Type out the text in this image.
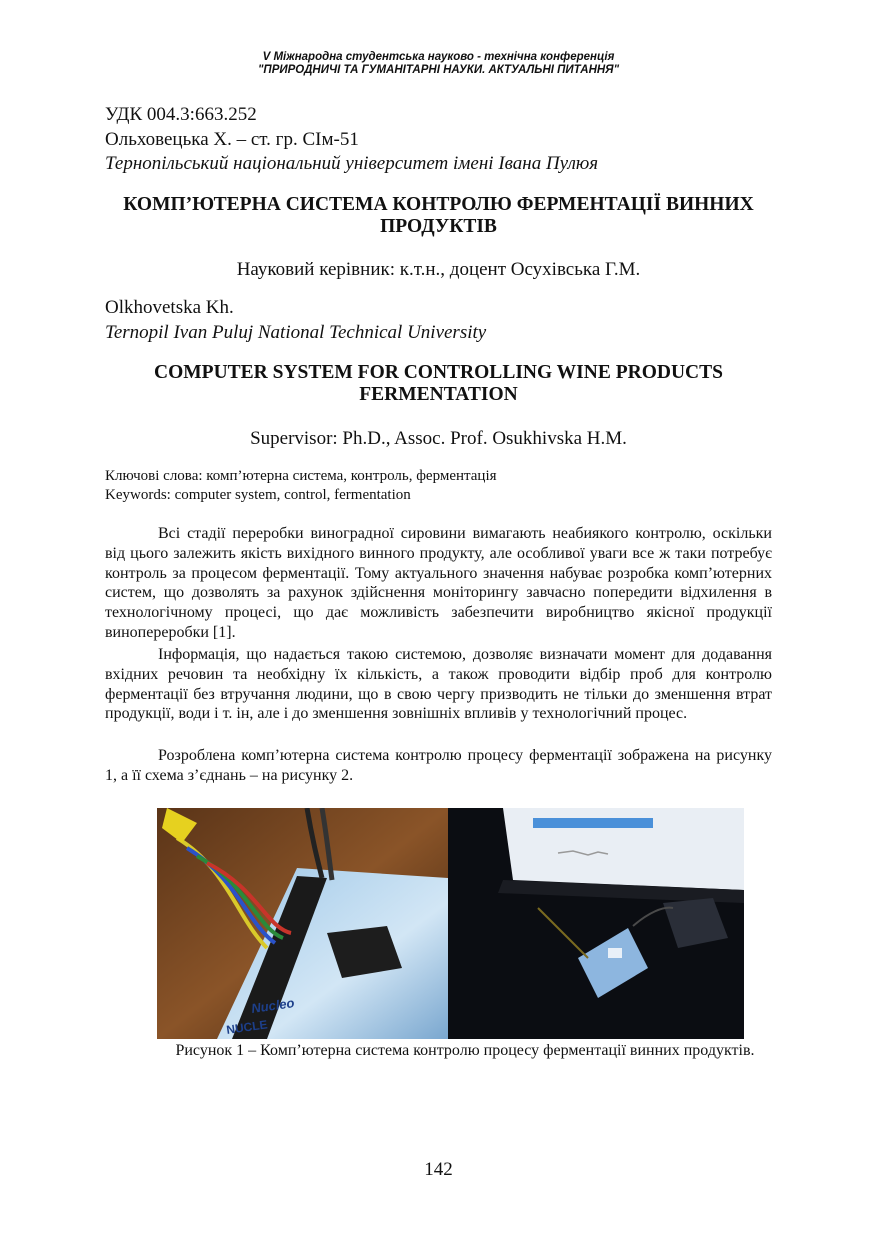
V Міжнародна студентська науково - технічна конференція
"ПРИРОДНИЧІ ТА ГУМАНІТАРНІ НАУКИ. АКТУАЛЬНІ ПИТАННЯ"
УДК 004.3:663.252
Ольховецька Х. – ст. гр. СІм-51
Тернопільський національний університет імені Івана Пулюя
КОМП’ЮТЕРНА СИСТЕМА КОНТРОЛЮ ФЕРМЕНТАЦІЇ ВИННИХ ПРОДУКТІВ
Науковий керівник: к.т.н., доцент Осухівська Г.М.
Olkhovetska Kh.
Ternopil Ivan Puluj National Technical University
COMPUTER SYSTEM FOR CONTROLLING WINE PRODUCTS FERMENTATION
Supervisor: Ph.D., Assoc. Prof. Osukhivska H.M.
Ключові слова: комп’ютерна система, контроль, ферментація
Keywords: computer system, control, fermentation
Всі стадії переробки виноградної сировини вимагають неабиякого контролю, оскільки від цього залежить якість вихідного винного продукту, але особливої уваги все ж таки потребує контроль за процесом ферментації. Тому актуального значення набуває розробка комп’ютерних систем, що дозволять за рахунок здійснення моніторингу завчасно попередити відхилення в технологічному процесі, що дає можливість забезпечити виробництво якісної продукції винопереробки [1].
Інформація, що надається такою системою, дозволяє визначати момент для додавання вхідних речовин та необхідну їх кількість, а також проводити відбір проб для контролю ферментації без втручання людини, що в свою чергу призводить не тільки до зменшення втрат продукції, води і т. ін, але і до зменшення зовнішніх впливів у технологічний процес.
Розроблена комп’ютерна система контролю процесу ферментації зображена на рисунку 1, а її схема з’єднань – на рисунку 2.
Nucleo
NUCLE
Рисунок 1 – Комп’ютерна система контролю процесу ферментації винних продуктів.
142
